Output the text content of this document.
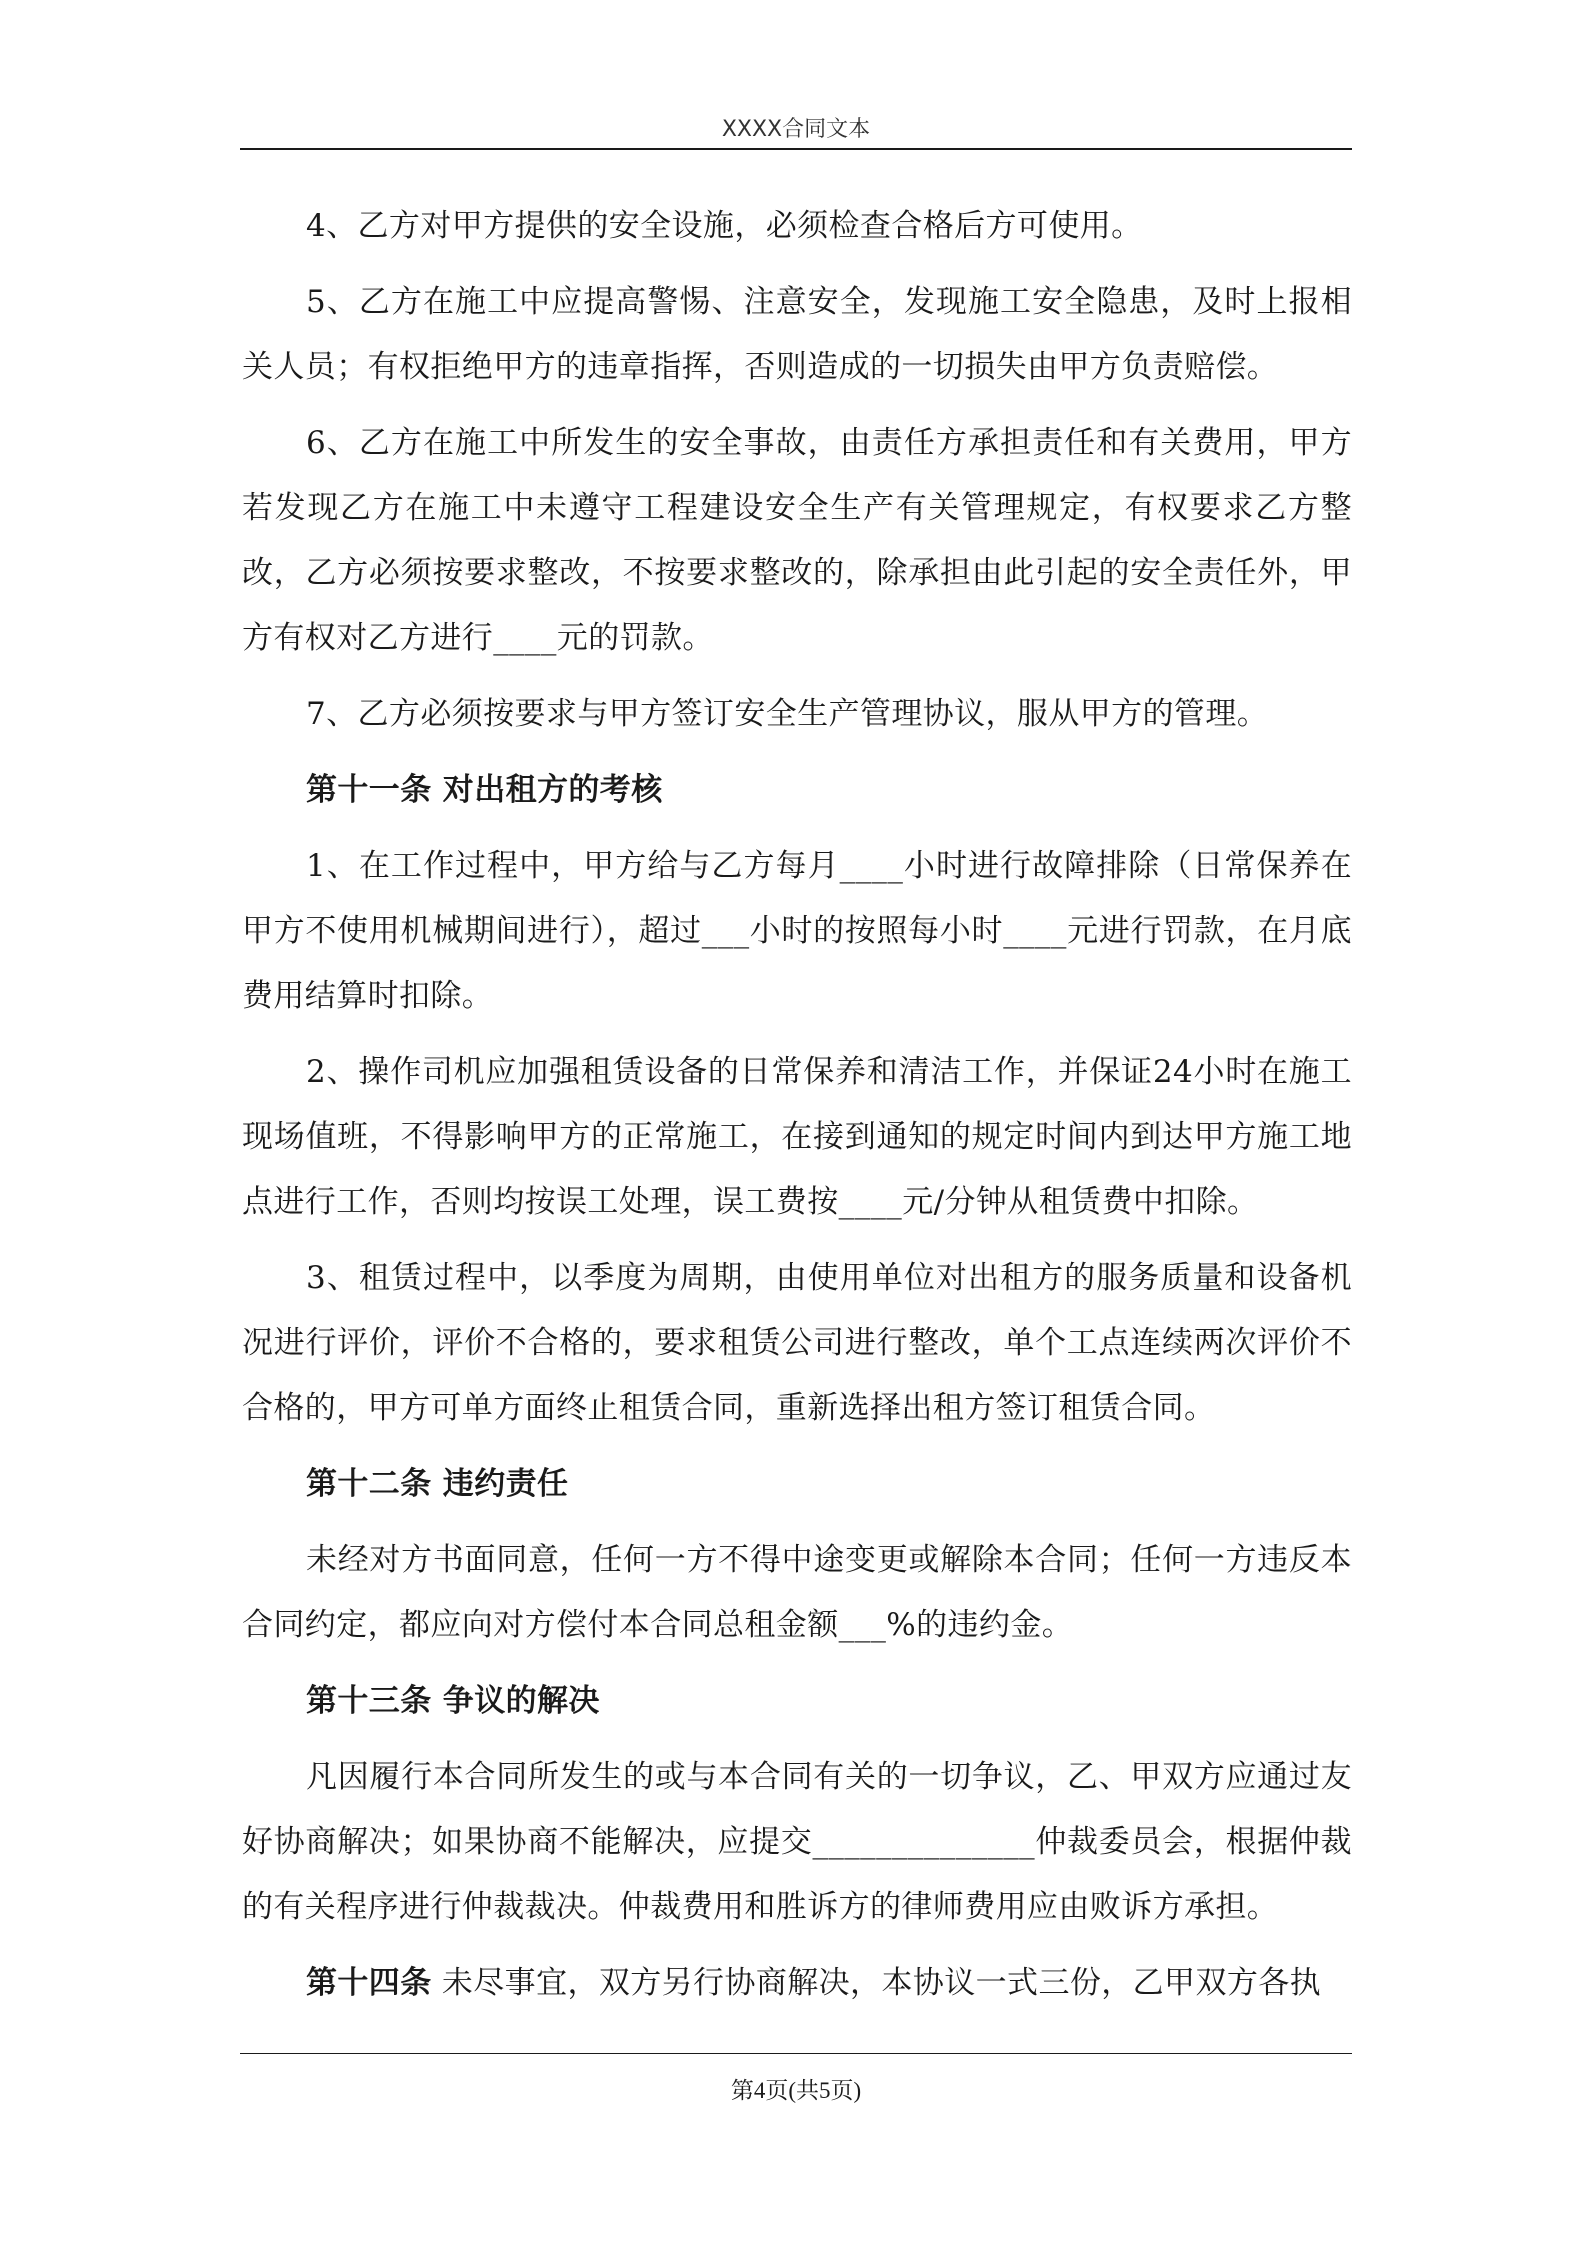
XXXX合同文本

4、乙方对甲方提供的安全设施，必须检查合格后方可使用。

5、乙方在施工中应提高警惕、注意安全，发现施工安全隐患，及时上报相关人员；有权拒绝甲方的违章指挥，否则造成的一切损失由甲方负责赔偿。

6、乙方在施工中所发生的安全事故，由责任方承担责任和有关费用，甲方若发现乙方在施工中未遵守工程建设安全生产有关管理规定，有权要求乙方整改，乙方必须按要求整改，不按要求整改的，除承担由此引起的安全责任外，甲方有权对乙方进行____元的罚款。

7、乙方必须按要求与甲方签订安全生产管理协议，服从甲方的管理。

第十一条 对出租方的考核

1、在工作过程中，甲方给与乙方每月____小时进行故障排除（日常保养在甲方不使用机械期间进行），超过___小时的按照每小时____元进行罚款，在月底费用结算时扣除。

2、操作司机应加强租赁设备的日常保养和清洁工作，并保证24小时在施工现场值班，不得影响甲方的正常施工，在接到通知的规定时间内到达甲方施工地点进行工作，否则均按误工处理，误工费按____元/分钟从租赁费中扣除。

3、租赁过程中，以季度为周期，由使用单位对出租方的服务质量和设备机况进行评价，评价不合格的，要求租赁公司进行整改，单个工点连续两次评价不合格的，甲方可单方面终止租赁合同，重新选择出租方签订租赁合同。

第十二条 违约责任

未经对方书面同意，任何一方不得中途变更或解除本合同；任何一方违反本合同约定，都应向对方偿付本合同总租金额___%的违约金。

第十三条 争议的解决

凡因履行本合同所发生的或与本合同有关的一切争议，乙、甲双方应通过友好协商解决；如果协商不能解决，应提交______________仲裁委员会，根据仲裁的有关程序进行仲裁裁决。仲裁费用和胜诉方的律师费用应由败诉方承担。

第十四条 未尽事宜，双方另行协商解决，本协议一式三份，乙甲双方各执

第4页(共5页)
